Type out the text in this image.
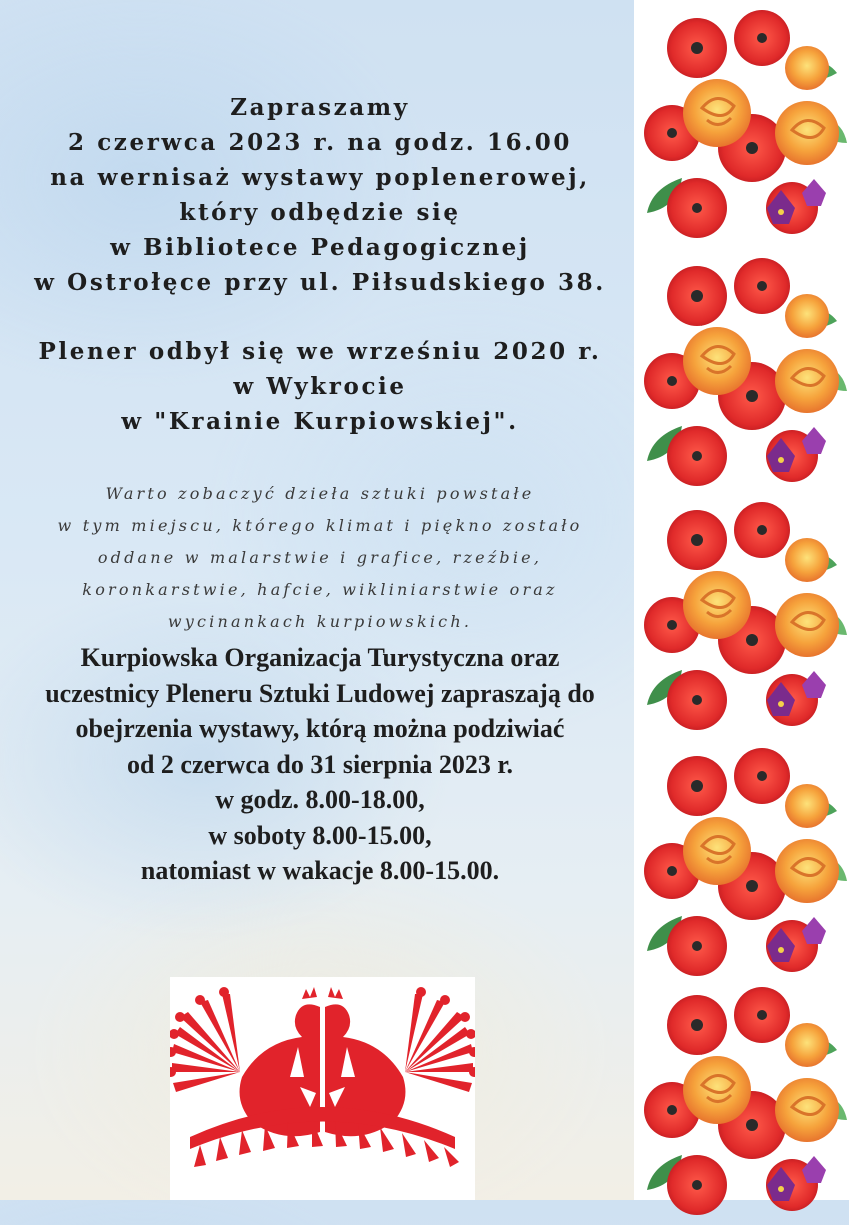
Zapraszamy
2 czerwca 2023 r. na godz. 16.00
na wernisaż wystawy poplenerowej,
który odbędzie się
w Bibliotece Pedagogicznej
w Ostrołęce przy ul. Piłsudskiego 38.
Plener odbył się we wrześniu 2020 r.
w Wykrocie
w "Krainie Kurpiowskiej".
Warto zobaczyć dzieła sztuki powstałe
w tym miejscu, którego klimat i piękno zostało
oddane w malarstwie i grafice, rzeźbie,
koronkarstwie, hafcie, wikliniarstwie oraz
wycinankach kurpiowskich.
Kurpiowska Organizacja Turystyczna oraz
uczestnicy Pleneru Sztuki Ludowej zapraszają do
obejrzenia wystawy, którą można podziwiać
od 2 czerwca do 31 sierpnia 2023 r.
w godz. 8.00-18.00,
w soboty 8.00-15.00,
natomiast w wakacje 8.00-15.00.
